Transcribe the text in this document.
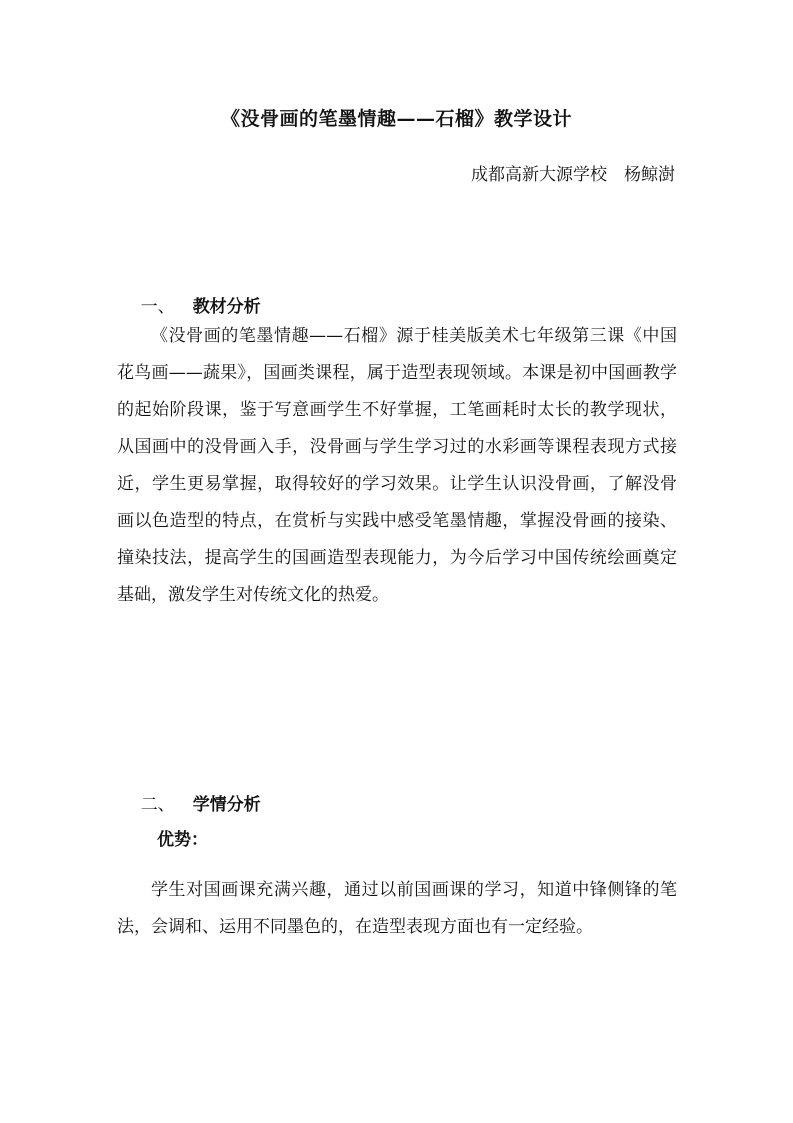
《没骨画的笔墨情趣——石榴》教学设计
成都高新大源学校　杨鲸澍

一、 教材分析

《没骨画的笔墨情趣——石榴》源于桂美版美术七年级第三课《中国花鸟画——蔬果》，国画类课程，属于造型表现领域。本课是初中国画教学的起始阶段课，鉴于写意画学生不好掌握，工笔画耗时太长的教学现状，从国画中的没骨画入手，没骨画与学生学习过的水彩画等课程表现方式接近，学生更易掌握，取得较好的学习效果。让学生认识没骨画，了解没骨画以色造型的特点，在赏析与实践中感受笔墨情趣，掌握没骨画的接染、撞染技法，提高学生的国画造型表现能力，为今后学习中国传统绘画奠定基础，激发学生对传统文化的热爱。

二、 学情分析

优势：
学生对国画课充满兴趣，通过以前国画课的学习，知道中锋侧锋的笔法，会调和、运用不同墨色的，在造型表现方面也有一定经验。
